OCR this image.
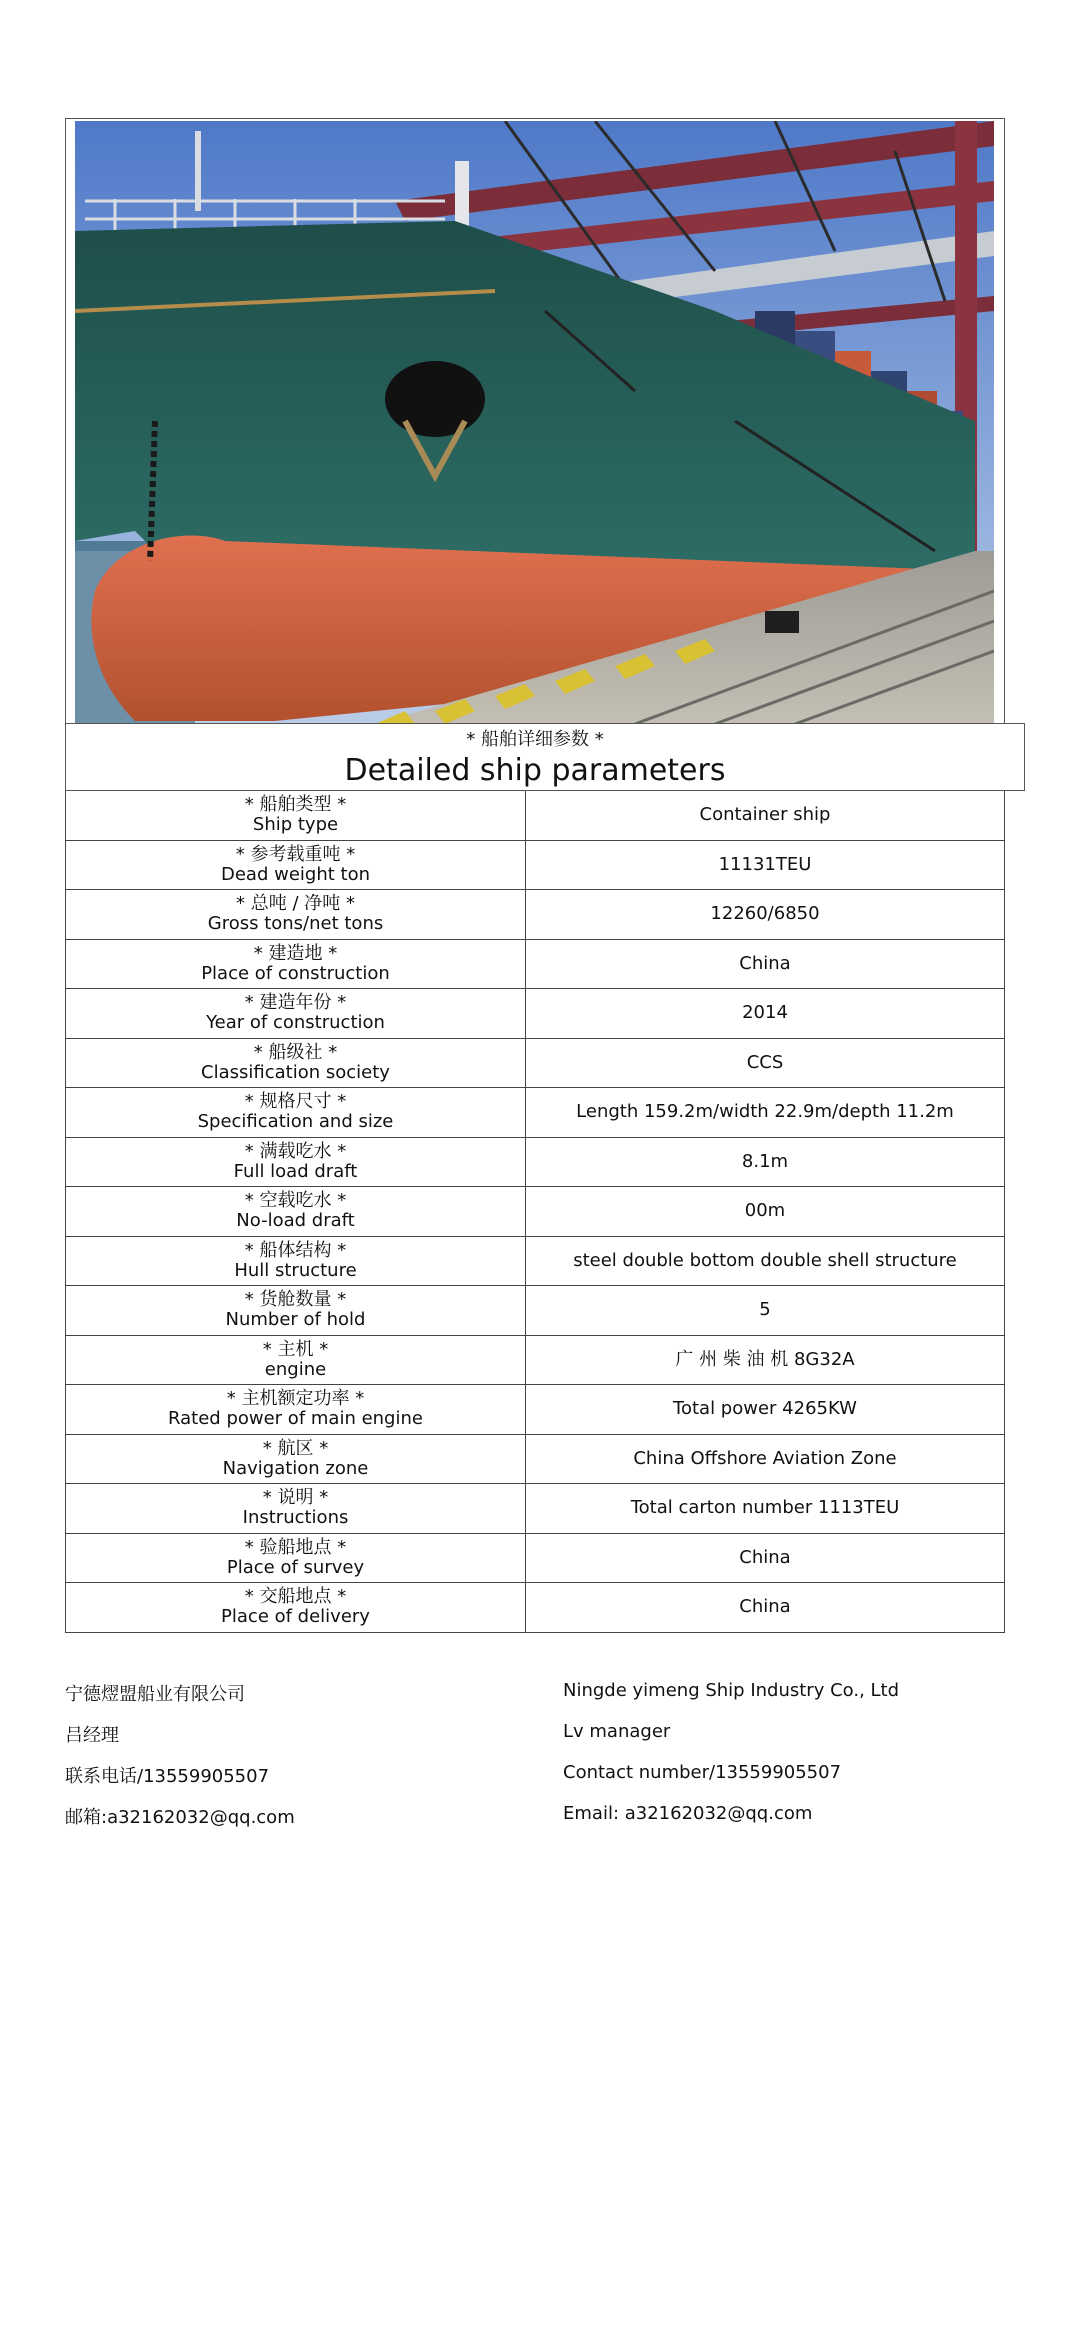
* 船舶详细参数 *
Detailed ship parameters
* 船舶类型 *
Ship type	Container ship

* 参考载重吨 *
Dead weight ton	11131TEU

* 总吨 / 净吨 *
Gross tons/net tons	12260/6850

* 建造地 *
Place of construction	China

* 建造年份 *
Year of construction	2014

* 船级社 *
Classification society	CCS

* 规格尺寸 *
Specification and size	Length 159.2m/width 22.9m/depth 11.2m

* 满载吃水 *
Full load draft	8.1m

* 空载吃水 *
No-load draft	00m

* 船体结构 *
Hull structure	steel double bottom double shell structure

* 货舱数量 *
Number of hold	5

* 主机 *
engine	广 州 柴 油 机 8G32A

* 主机额定功率 *
Rated power of main engine	Total power 4265KW

* 航区 *
Navigation zone	China Offshore Aviation Zone

* 说明 *
Instructions	Total carton number 1113TEU

* 验船地点 *
Place of survey	China

* 交船地点 *
Place of delivery	China
宁德熤盟船业有限公司	Ningde yimeng Ship Industry Co., Ltd
吕经理	Lv manager
联系电话/13559905507	Contact number/13559905507
邮箱:a32162032@qq.com	Email: a32162032@qq.com
